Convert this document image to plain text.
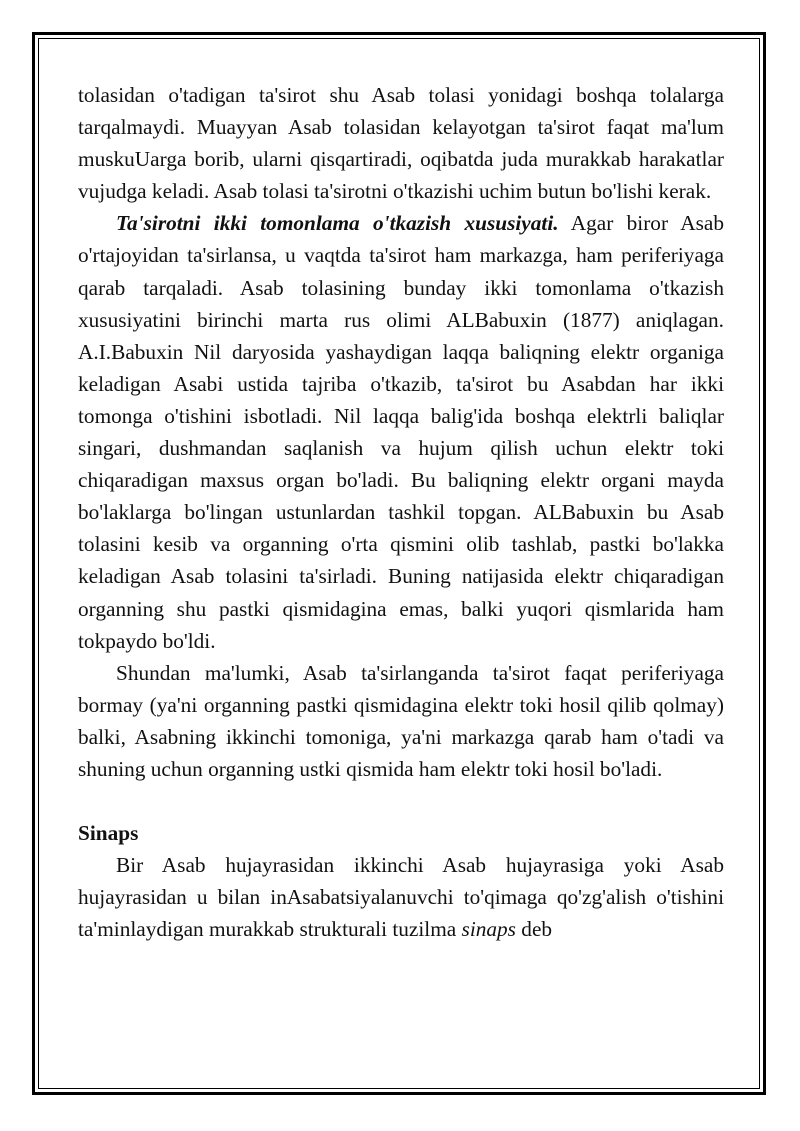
tolasidan o'tadigan ta'sirot shu Asab tolasi yonidagi boshqa tolalarga tarqalmaydi. Muayyan Asab tolasidan kelayotgan ta'sirot faqat ma'lum muskuUarga borib, ularni qisqartiradi, oqibatda juda murakkab harakatlar vujudga keladi. Asab tolasi ta'sirotni o'tkazishi uchim butun bo'lishi kerak.

Ta'sirotni ikki tomonlama o'tkazish xususiyati. Agar biror Asab o'rtajoyidan ta'sirlansa, u vaqtda ta'sirot ham markazga, ham periferiyaga qarab tarqaladi. Asab tolasining bunday ikki tomonlama o'tkazish xususiyatini birinchi marta rus olimi ALBabuxin (1877) aniqlagan. A.I.Babuxin Nil daryosida yashaydigan laqqa baliqning elektr organiga keladigan Asabi ustida tajriba o'tkazib, ta'sirot bu Asabdan har ikki tomonga o'tishini isbotladi. Nil laqqa balig'ida boshqa elektrli baliqlar singari, dushmandan saqlanish va hujum qilish uchun elektr toki chiqaradigan maxsus organ bo'ladi. Bu baliqning elektr organi mayda bo'laklarga bo'lingan ustunlardan tashkil topgan. ALBabuxin bu Asab tolasini kesib va organning o'rta qismini olib tashlab, pastki bo'lakka keladigan Asab tolasini ta'sirladi. Buning natijasida elektr chiqaradigan organning shu pastki qismidagina emas, balki yuqori qismlarida ham tokpaydo bo'ldi.

Shundan ma'lumki, Asab ta'sirlanganda ta'sirot faqat periferiyaga bormay (ya'ni organning pastki qismidagina elektr toki hosil qilib qolmay) balki, Asabning ikkinchi tomoniga, ya'ni markazga qarab ham o'tadi va shuning uchun organning ustki qismida ham elektr toki hosil bo'ladi.

Sinaps

Bir Asab hujayrasidan ikkinchi Asab hujayrasiga yoki Asab hujayrasidan u bilan inAsabatsiyalanuvchi to'qimaga qo'zg'alish o'tishini ta'minlaydigan murakkab strukturali tuzilma sinaps deb
